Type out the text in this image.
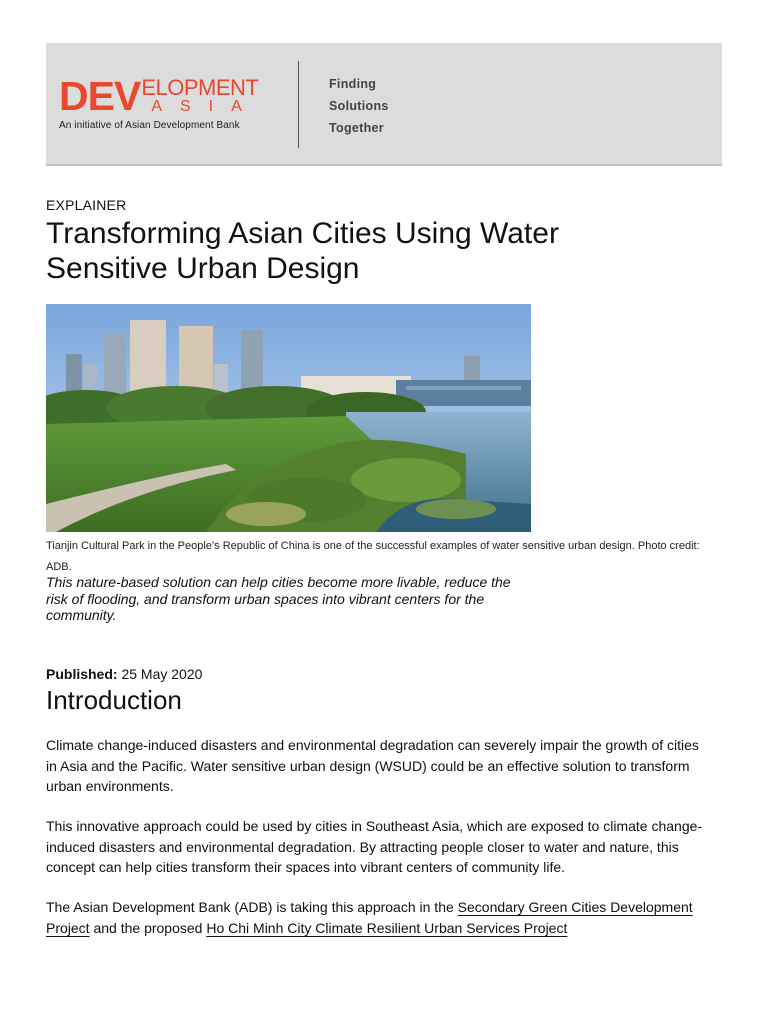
DEV ELOPMENT
ASIA
An initiative of Asian Development Bank
Finding
Solutions
Together
EXPLAINER
Transforming Asian Cities Using Water Sensitive Urban Design
Tianjin Cultural Park in the People’s Republic of China is one of the successful examples of water sensitive urban design. Photo credit: ADB.
This nature-based solution can help cities become more livable, reduce the risk of flooding, and transform urban spaces into vibrant centers for the community.
Published: 25 May 2020
Introduction

Climate change-induced disasters and environmental degradation can severely impair the growth of cities in Asia and the Pacific. Water sensitive urban design (WSUD) could be an effective solution to transform urban environments.

This innovative approach could be used by cities in Southeast Asia, which are exposed to climate change-induced disasters and environmental degradation. By attracting people closer to water and nature, this concept can help cities transform their spaces into vibrant centers of community life.

The Asian Development Bank (ADB) is taking this approach in the Secondary Green Cities Development Project and the proposed Ho Chi Minh City Climate Resilient Urban Services Project
